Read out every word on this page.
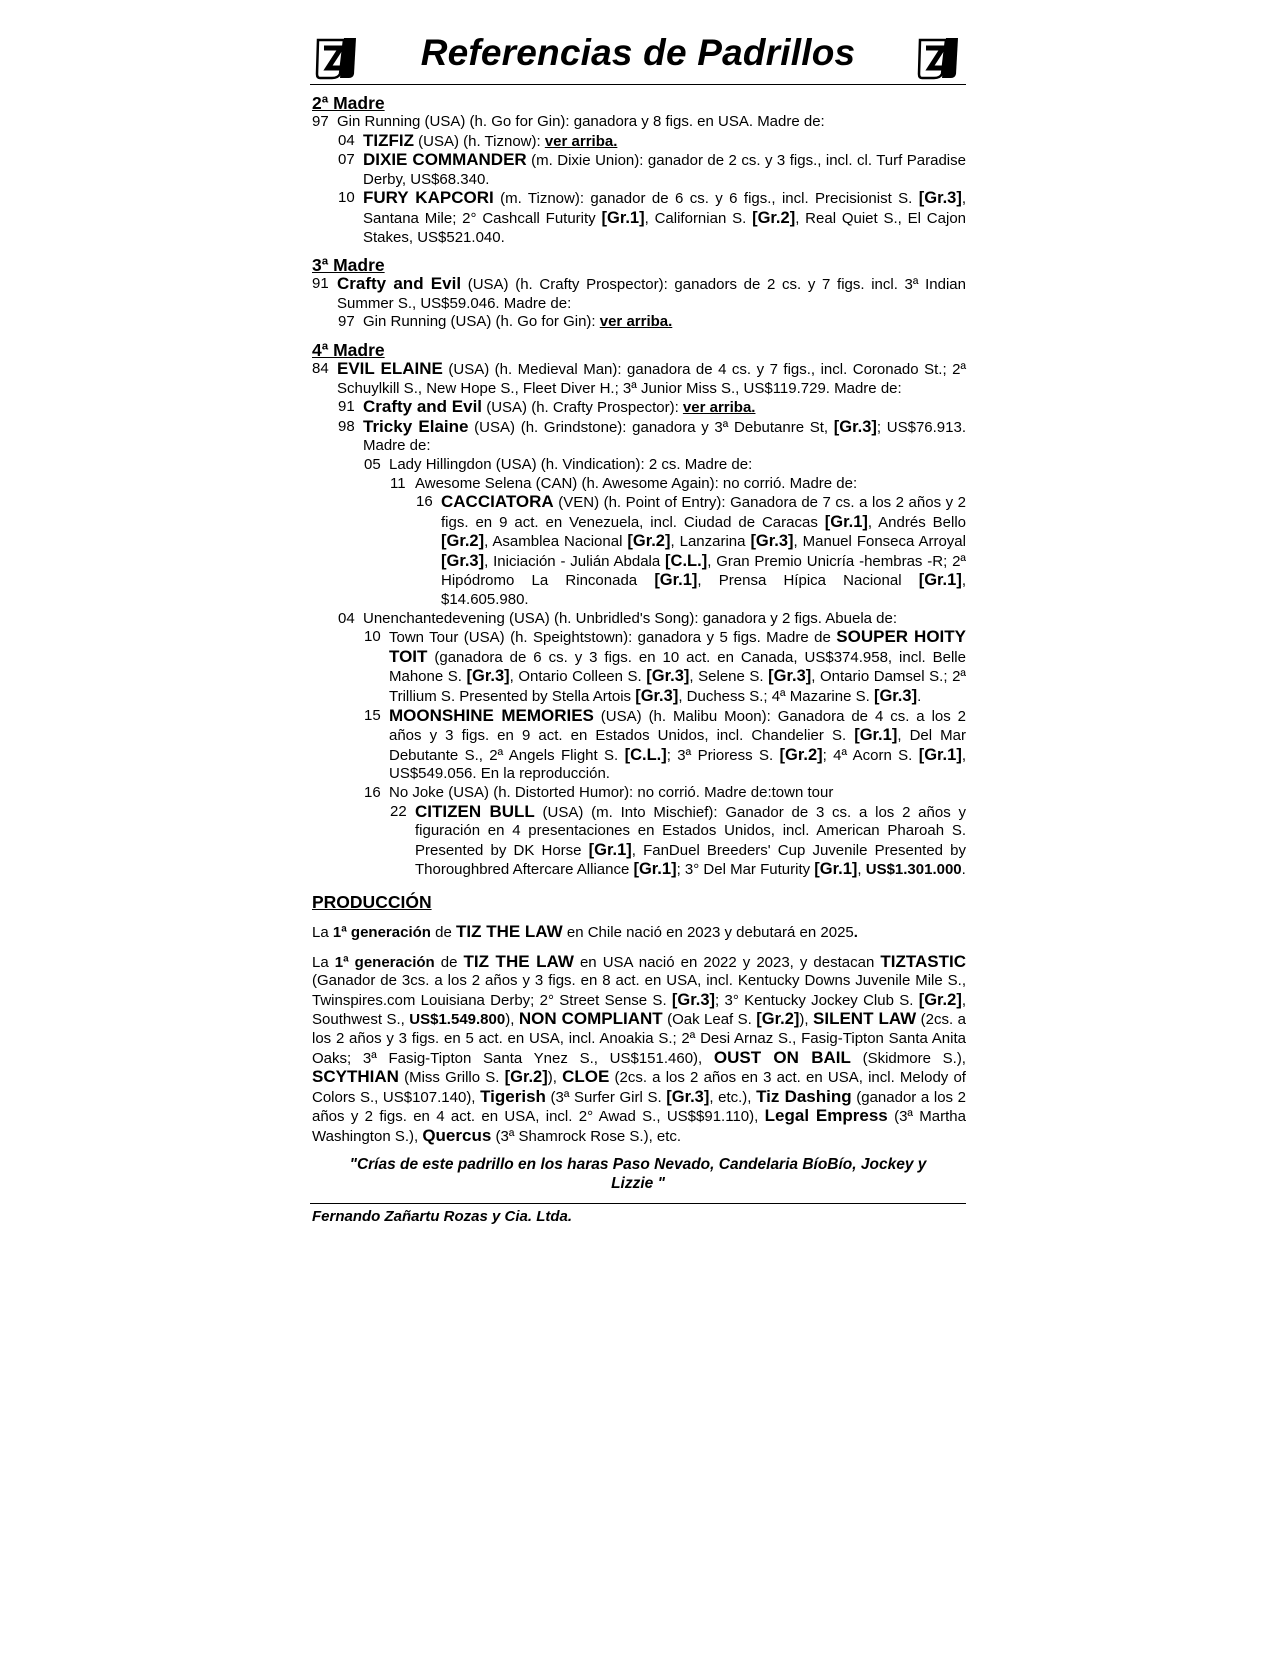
Referencias de Padrillos
2ª Madre
97 Gin Running (USA) (h. Go for Gin): ganadora y 8 figs. en USA. Madre de:
04 TIZFIZ (USA) (h. Tiznow): ver arriba.
07 DIXIE COMMANDER (m. Dixie Union): ganador de 2 cs. y 3 figs., incl. cl. Turf Paradise Derby, US$68.340.
10 FURY KAPCORI (m. Tiznow): ganador de 6 cs. y 6 figs., incl. Precisionist S. [Gr.3], Santana Mile; 2° Cashcall Futurity [Gr.1], Californian S. [Gr.2], Real Quiet S., El Cajon Stakes, US$521.040.
3ª Madre
91 Crafty and Evil (USA) (h. Crafty Prospector): ganadors de 2 cs. y 7 figs. incl. 3ª Indian Summer S., US$59.046. Madre de:
97 Gin Running (USA) (h. Go for Gin): ver arriba.
4ª Madre
84 EVIL ELAINE (USA) (h. Medieval Man): ganadora de 4 cs. y 7 figs., incl. Coronado St.; 2ª Schuylkill S., New Hope S., Fleet Diver H.; 3ª Junior Miss S., US$119.729. Madre de:
91 Crafty and Evil (USA) (h. Crafty Prospector): ver arriba.
98 Tricky Elaine (USA) (h. Grindstone): ganadora y 3ª Debutanre St, [Gr.3]; US$76.913. Madre de:
05 Lady Hillingdon (USA) (h. Vindication): 2 cs. Madre de:
11 Awesome Selena (CAN) (h. Awesome Again): no corrió. Madre de:
16 CACCIATORA (VEN) (h. Point of Entry): Ganadora de 7 cs. a los 2 años y 2 figs. en 9 act. en Venezuela, incl. Ciudad de Caracas [Gr.1], Andrés Bello [Gr.2], Asamblea Nacional [Gr.2], Lanzarina [Gr.3], Manuel Fonseca Arroyal [Gr.3], Iniciación - Julián Abdala [C.L.], Gran Premio Unicría -hembras -R; 2ª Hipódromo La Rinconada [Gr.1], Prensa Hípica Nacional [Gr.1], $14.605.980.
04 Unenchantedevening (USA) (h. Unbridled's Song): ganadora y 2 figs. Abuela de:
10 Town Tour (USA) (h. Speightstown): ganadora y 5 figs. Madre de SOUPER HOITY TOIT (ganadora de 6 cs. y 3 figs. en 10 act. en Canada, US$374.958, incl. Belle Mahone S. [Gr.3], Ontario Colleen S. [Gr.3], Selene S. [Gr.3], Ontario Damsel S.; 2ª Trillium S. Presented by Stella Artois [Gr.3], Duchess S.; 4ª Mazarine S. [Gr.3].
15 MOONSHINE MEMORIES (USA) (h. Malibu Moon): Ganadora de 4 cs. a los 2 años y 3 figs. en 9 act. en Estados Unidos, incl. Chandelier S. [Gr.1], Del Mar Debutante S., 2ª Angels Flight S. [C.L.]; 3ª Prioress S. [Gr.2]; 4ª Acorn S. [Gr.1], US$549.056. En la reproducción.
16 No Joke (USA) (h. Distorted Humor): no corrió. Madre de:town tour
22 CITIZEN BULL (USA) (m. Into Mischief): Ganador de 3 cs. a los 2 años y figuración en 4 presentaciones en Estados Unidos, incl. American Pharoah S. Presented by DK Horse [Gr.1], FanDuel Breeders' Cup Juvenile Presented by Thoroughbred Aftercare Alliance [Gr.1]; 3° Del Mar Futurity [Gr.1], US$1.301.000.
PRODUCCIÓN
La 1ª generación de TIZ THE LAW en Chile nació en 2023 y debutará en 2025.
La 1ª generación de TIZ THE LAW en USA nació en 2022 y 2023, y destacan TIZTASTIC (Ganador de 3cs. a los 2 años y 3 figs. en 8 act. en USA, incl. Kentucky Downs Juvenile Mile S., Twinspires.com Louisiana Derby; 2° Street Sense S. [Gr.3]; 3° Kentucky Jockey Club S. [Gr.2], Southwest S., US$1.549.800), NON COMPLIANT (Oak Leaf S. [Gr.2]), SILENT LAW (2cs. a los 2 años y 3 figs. en 5 act. en USA, incl. Anoakia S.; 2ª Desi Arnaz S., Fasig-Tipton Santa Anita Oaks; 3ª Fasig-Tipton Santa Ynez S., US$151.460), OUST ON BAIL (Skidmore S.), SCYTHIAN (Miss Grillo S. [Gr.2]), CLOE (2cs. a los 2 años en 3 act. en USA, incl. Melody of Colors S., US$107.140), Tigerish (3ª Surfer Girl S. [Gr.3], etc.), Tiz Dashing (ganador a los 2 años y 2 figs. en 4 act. en USA, incl. 2° Awad S., US$$91.110), Legal Empress (3ª Martha Washington S.), Quercus (3ª Shamrock Rose S.), etc.
"Crías de este padrillo en los haras Paso Nevado, Candelaria BíoBío, Jockey y Lizzie "
Fernando Zañartu Rozas y Cia. Ltda.
